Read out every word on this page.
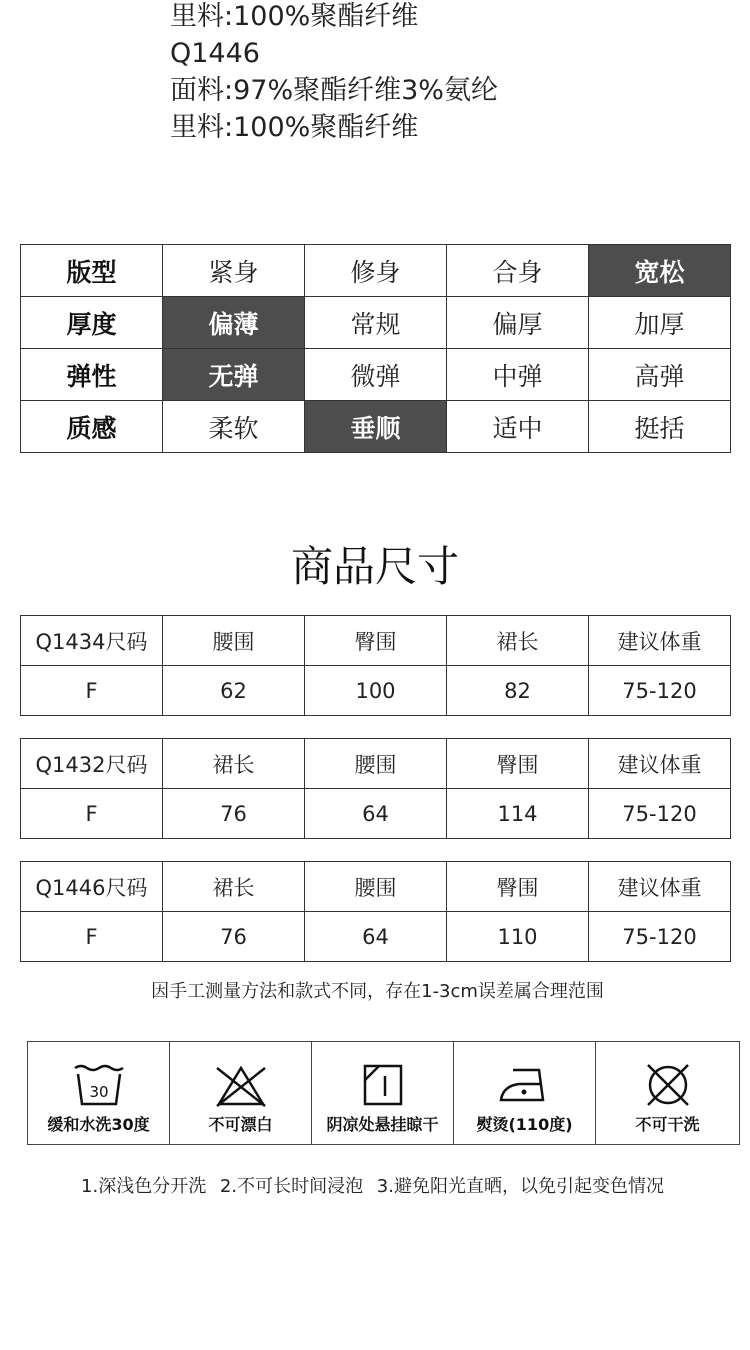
里料:100%聚酯纤维
Q1446
面料:97%聚酯纤维3%氨纶
里料:100%聚酯纤维
版型	紧身	修身	合身	宽松
厚度	偏薄	常规	偏厚	加厚
弹性	无弹	微弹	中弹	高弹
质感	柔软	垂顺	适中	挺括
商品尺寸
Q1434尺码	腰围	臀围	裙长	建议体重
F	62	100	82	75-120
Q1432尺码	裙长	腰围	臀围	建议体重
F	76	64	114	75-120
Q1446尺码	裙长	腰围	臀围	建议体重
F	76	64	110	75-120
因手工测量方法和款式不同，存在1-3cm误差属合理范围
30
缓和水洗30度	不可漂白	阴凉处悬挂晾干 熨烫(110度)	不可干洗
1.深浅色分开洗 2.不可长时间浸泡 3.避免阳光直晒，以免引起变色情况
